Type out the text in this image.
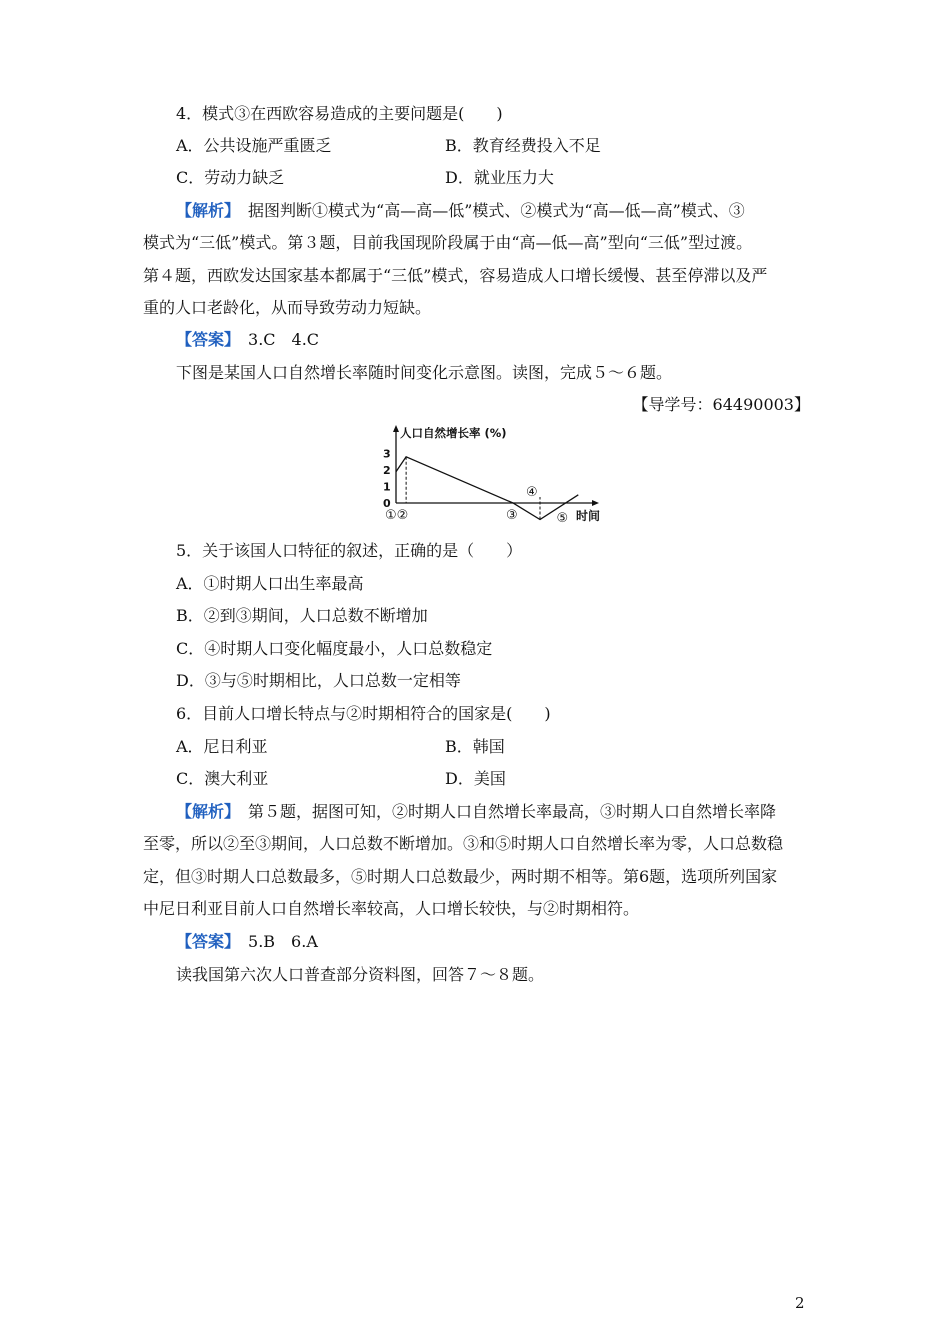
4．模式③在西欧容易造成的主要问题是(　　)
A．公共设施严重匮乏	B．教育经费投入不足
C．劳动力缺乏	D．就业压力大
【解析】　 据图判断①模式为“高—高—低”模式、②模式为“高—低—高”模式、③
模式为“三低”模式。第３题，目前我国现阶段属于由“高—低—高”型向“三低”型过渡。
第４题，西欧发达国家基本都属于“三低”模式，容易造成人口增长缓慢、甚至停滞以及严
重的人口老龄化，从而导致劳动力短缺。
【答案】　 3.C　4.C
下图是某国人口自然增长率随时间变化示意图。读图，完成５～６题。
【导学号：64490003】
人口自然增长率 (%)
时间
0
1
2
3
①②	③
④
⑤
5．关于该国人口特征的叙述，正确的是（　　）
A．①时期人口出生率最高
B．②到③期间，人口总数不断增加
C．④时期人口变化幅度最小，人口总数稳定
D．③与⑤时期相比，人口总数一定相等
6．目前人口增长特点与②时期相符合的国家是(　　)
A．尼日利亚	B．韩国
C．澳大利亚	D．美国
【解析】　 第５题，据图可知，②时期人口自然增长率最高，③时期人口自然增长率降
至零，所以②至③期间，人口总数不断增加。③和⑤时期人口自然增长率为零，人口总数稳
定，但③时期人口总数最多，⑤时期人口总数最少，两时期不相等。第6题，选项所列国家
中尼日利亚目前人口自然增长率较高，人口增长较快，与②时期相符。
【答案】　 5.B　6.A
读我国第六次人口普查部分资料图，回答７～８题。
2
